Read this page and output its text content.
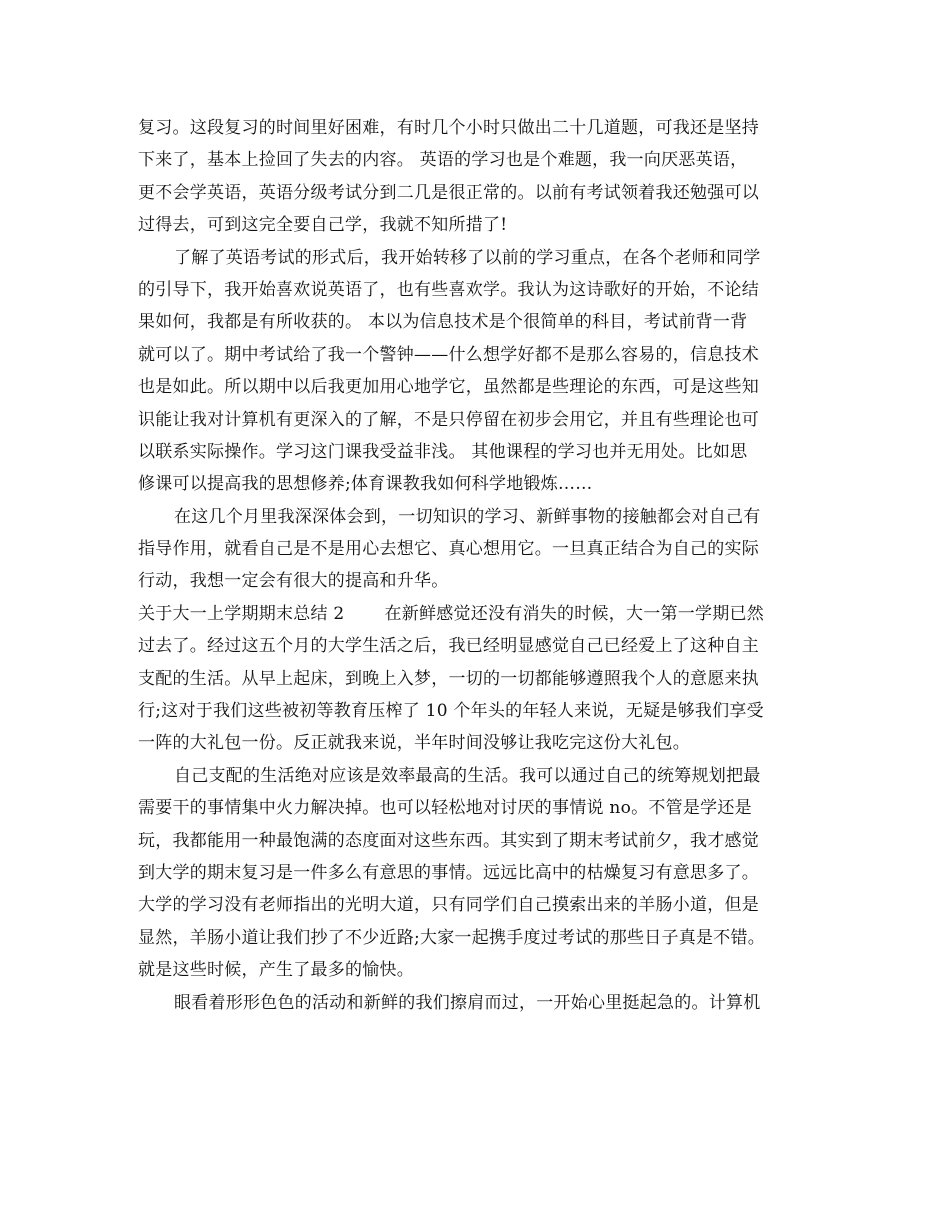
复习。这段复习的时间里好困难，有时几个小时只做出二十几道题，可我还是坚持
下来了，基本上捡回了失去的内容。 英语的学习也是个难题，我一向厌恶英语，
更不会学英语，英语分级考试分到二几是很正常的。以前有考试领着我还勉强可以
过得去，可到这完全要自己学，我就不知所措了!
了解了英语考试的形式后，我开始转移了以前的学习重点，在各个老师和同学
的引导下，我开始喜欢说英语了，也有些喜欢学。我认为这诗歌好的开始，不论结
果如何，我都是有所收获的。 本以为信息技术是个很简单的科目，考试前背一背
就可以了。期中考试给了我一个警钟——什么想学好都不是那么容易的，信息技术
也是如此。所以期中以后我更加用心地学它，虽然都是些理论的东西，可是这些知
识能让我对计算机有更深入的了解，不是只停留在初步会用它，并且有些理论也可
以联系实际操作。学习这门课我受益非浅。 其他课程的学习也并无用处。比如思
修课可以提高我的思想修养;体育课教我如何科学地锻炼……
在这几个月里我深深体会到，一切知识的学习、新鲜事物的接触都会对自己有
指导作用，就看自己是不是用心去想它、真心想用它。一旦真正结合为自己的实际
行动，我想一定会有很大的提高和升华。
关于大一上学期期末总结 2 在新鲜感觉还没有消失的时候，大一第一学期已然
过去了。经过这五个月的大学生活之后，我已经明显感觉自己已经爱上了这种自主
支配的生活。从早上起床，到晚上入梦，一切的一切都能够遵照我个人的意愿来执
行;这对于我们这些被初等教育压榨了 10 个年头的年轻人来说，无疑是够我们享受
一阵的大礼包一份。反正就我来说，半年时间没够让我吃完这份大礼包。
自己支配的生活绝对应该是效率最高的生活。我可以通过自己的统筹规划把最
需要干的事情集中火力解决掉。也可以轻松地对讨厌的事情说 no。不管是学还是
玩，我都能用一种最饱满的态度面对这些东西。其实到了期末考试前夕，我才感觉
到大学的期末复习是一件多么有意思的事情。远远比高中的枯燥复习有意思多了。
大学的学习没有老师指出的光明大道，只有同学们自己摸索出来的羊肠小道，但是
显然，羊肠小道让我们抄了不少近路;大家一起携手度过考试的那些日子真是不错。
就是这些时候，产生了最多的愉快。
眼看着形形色色的活动和新鲜的我们擦肩而过，一开始心里挺起急的。计算机
